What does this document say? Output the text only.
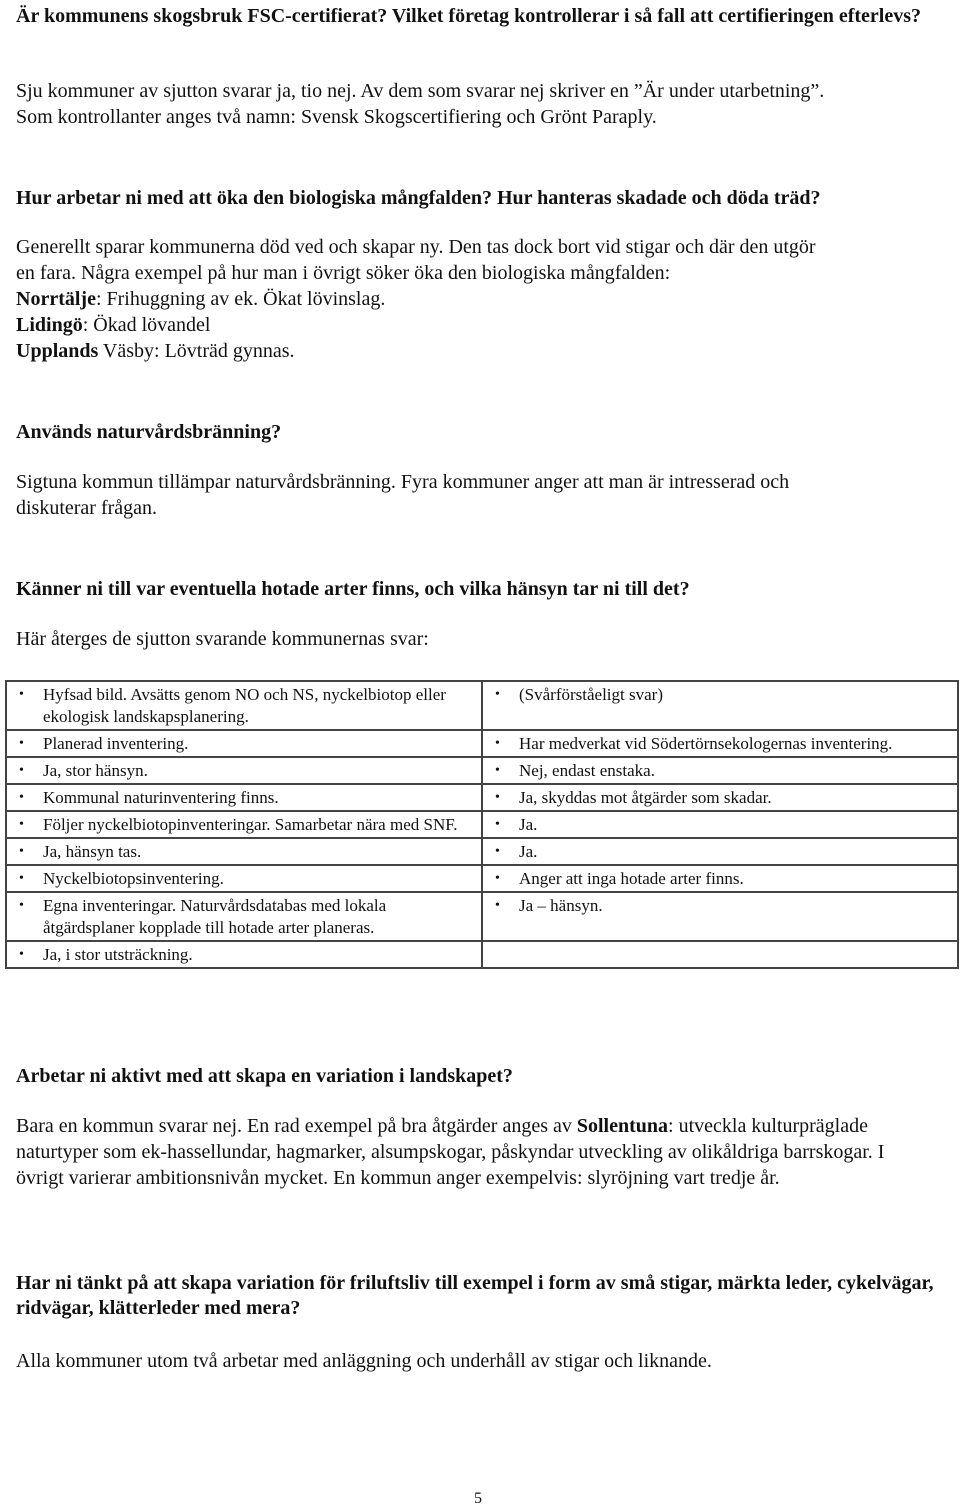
Är kommunens skogsbruk FSC-certifierat? Vilket företag kontrollerar i så fall att certifieringen efterlevs?

Sju kommuner av sjutton svarar ja, tio nej. Av dem som svarar nej skriver en ”Är under utarbetning”.
Som kontrollanter anges två namn: Svensk Skogscertifiering och Grönt Paraply.

Hur arbetar ni med att öka den biologiska mångfalden? Hur hanteras skadade och döda träd?

Generellt sparar kommunerna död ved och skapar ny. Den tas dock bort vid stigar och där den utgör
en fara. Några exempel på hur man i övrigt söker öka den biologiska mångfalden:
Norrtälje: Frihuggning av ek. Ökat lövinslag.
Lidingö: Ökad lövandel
Upplands Väsby: Lövträd gynnas.

Används naturvårdsbränning?

Sigtuna kommun tillämpar naturvårdsbränning. Fyra kommuner anger att man är intresserad och
diskuterar frågan.

Känner ni till var eventuella hotade arter finns, och vilka hänsyn tar ni till det?

Här återges de sjutton svarande kommunernas svar:

• Hyfsad bild. Avsätts genom NO och NS, nyckelbiotop eller ekologisk landskapsplanering.	• (Svårförståeligt svar)

• Planerad inventering.	• Har medverkat vid Södertörnsekologernas inventering.

• Ja, stor hänsyn.	• Nej, endast enstaka.

• Kommunal naturinventering finns.	• Ja, skyddas mot åtgärder som skadar.

• Följer nyckelbiotopinventeringar. Samarbetar nära med SNF.	• Ja.

• Ja, hänsyn tas.	• Ja.

• Nyckelbiotopsinventering.	• Anger att inga hotade arter finns.

• Egna inventeringar. Naturvårdsdatabas med lokala åtgärdsplaner kopplade till hotade arter planeras.	• Ja – hänsyn.

• Ja, i stor utsträckning.	

Arbetar ni aktivt med att skapa en variation i landskapet?

Bara en kommun svarar nej. En rad exempel på bra åtgärder anges av Sollentuna: utveckla kulturpräglade naturtyper som ek-hassellundar, hagmarker, alsumpskogar, påskyndar utveckling av olikåldriga barrskogar. I övrigt varierar ambitionsnivån mycket. En kommun anger exempelvis: slyröjning vart tredje år.

Har ni tänkt på att skapa variation för friluftsliv till exempel i form av små stigar, märkta leder, cykelvägar, ridvägar, klätterleder med mera?

Alla kommuner utom två arbetar med anläggning och underhåll av stigar och liknande.

5
